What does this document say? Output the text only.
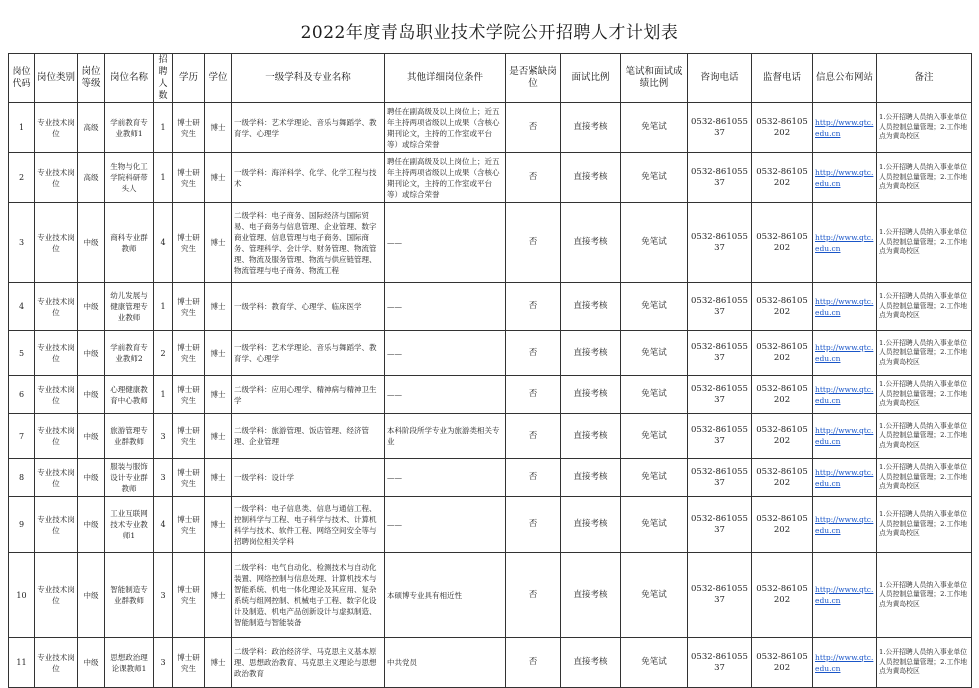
2022年度青岛职业技术学院公开招聘人才计划表
岗位代码	岗位类别	岗位等级	岗位名称	招聘人数	学历	学位	一级学科及专业名称	其他详细岗位条件	是否紧缺岗位	面试比例	笔试和面试成绩比例	咨询电话	监督电话	信息公布网站	备注
1	专业技术岗位	高级	学前教育专业教师1	1	博士研究生	博士	一级学科：艺术学理论、音乐与舞蹈学、教育学、心理学	聘任在副高级及以上岗位上；近五年主持两项省级以上成果（含核心期刊论文，主持的工作室或平台等）或综合荣誉	否	直接考核	免笔试	0532-86105537	0532-86105202	http://www.qtc.edu.cn	1.公开招聘人员纳入事业单位人员控制总量管理；2.工作地点为黄岛校区
2	专业技术岗位	高级	生物与化工学院科研带头人	1	博士研究生	博士	一级学科：海洋科学、化学、化学工程与技术	聘任在副高级及以上岗位上；近五年主持两项省级以上成果（含核心期刊论文，主持的工作室或平台等）或综合荣誉	否	直接考核	免笔试	0532-86105537	0532-86105202	http://www.qtc.edu.cn	1.公开招聘人员纳入事业单位人员控制总量管理；2.工作地点为黄岛校区
3	专业技术岗位	中级	商科专业群教师	4	博士研究生	博士	二级学科：电子商务、国际经济与国际贸易、电子商务与信息管理、企业管理、数字商业管理、信息管理与电子商务、国际商务、管理科学、会计学、财务管理、物流管理、物流及服务管理、物流与供应链管理、物流管理与电子商务、物流工程	——	否	直接考核	免笔试	0532-86105537	0532-86105202	http://www.qtc.edu.cn	1.公开招聘人员纳入事业单位人员控制总量管理；2.工作地点为黄岛校区
4	专业技术岗位	中级	幼儿发展与健康管理专业教师	1	博士研究生	博士	一级学科：教育学、心理学、临床医学	——	否	直接考核	免笔试	0532-86105537	0532-86105202	http://www.qtc.edu.cn	1.公开招聘人员纳入事业单位人员控制总量管理；2.工作地点为黄岛校区
5	专业技术岗位	中级	学前教育专业教师2	2	博士研究生	博士	一级学科：艺术学理论、音乐与舞蹈学、教育学、心理学	——	否	直接考核	免笔试	0532-86105537	0532-86105202	http://www.qtc.edu.cn	1.公开招聘人员纳入事业单位人员控制总量管理；2.工作地点为黄岛校区
6	专业技术岗位	中级	心理健康教育中心教师	1	博士研究生	博士	二级学科：应用心理学、精神病与精神卫生学	——	否	直接考核	免笔试	0532-86105537	0532-86105202	http://www.qtc.edu.cn	1.公开招聘人员纳入事业单位人员控制总量管理；2.工作地点为黄岛校区
7	专业技术岗位	中级	旅游管理专业群教师	3	博士研究生	博士	二级学科：旅游管理、饭店管理、经济管理、企业管理	本科阶段所学专业为旅游类相关专业	否	直接考核	免笔试	0532-86105537	0532-86105202	http://www.qtc.edu.cn	1.公开招聘人员纳入事业单位人员控制总量管理；2.工作地点为黄岛校区
8	专业技术岗位	中级	服装与服饰设计专业群教师	3	博士研究生	博士	一级学科：设计学	——	否	直接考核	免笔试	0532-86105537	0532-86105202	http://www.qtc.edu.cn	1.公开招聘人员纳入事业单位人员控制总量管理；2.工作地点为黄岛校区
9	专业技术岗位	中级	工业互联网技术专业教师1	4	博士研究生	博士	一级学科：电子信息类、信息与通信工程、控制科学与工程、电子科学与技术、计算机科学与技术、软件工程、网络空间安全等与招聘岗位相关学科	——	否	直接考核	免笔试	0532-86105537	0532-86105202	http://www.qtc.edu.cn	1.公开招聘人员纳入事业单位人员控制总量管理；2.工作地点为黄岛校区
10	专业技术岗位	中级	智能制造专业群教师	3	博士研究生	博士	二级学科：电气自动化、检测技术与自动化装置、网络控制与信息处理、计算机技术与智能系统、机电一体化理论及其应用、复杂系统与组网控制、机械电子工程、数字化设计及制造、机电产品创新设计与虚拟制造、智能制造与智能装备	本硕博专业具有相近性	否	直接考核	免笔试	0532-86105537	0532-86105202	http://www.qtc.edu.cn	1.公开招聘人员纳入事业单位人员控制总量管理；2.工作地点为黄岛校区
11	专业技术岗位	中级	思想政治理论课教师1	3	博士研究生	博士	二级学科：政治经济学、马克思主义基本原理、思想政治教育、马克思主义理论与思想政治教育	中共党员	否	直接考核	免笔试	0532-86105537	0532-86105202	http://www.qtc.edu.cn	1.公开招聘人员纳入事业单位人员控制总量管理；2.工作地点为黄岛校区
